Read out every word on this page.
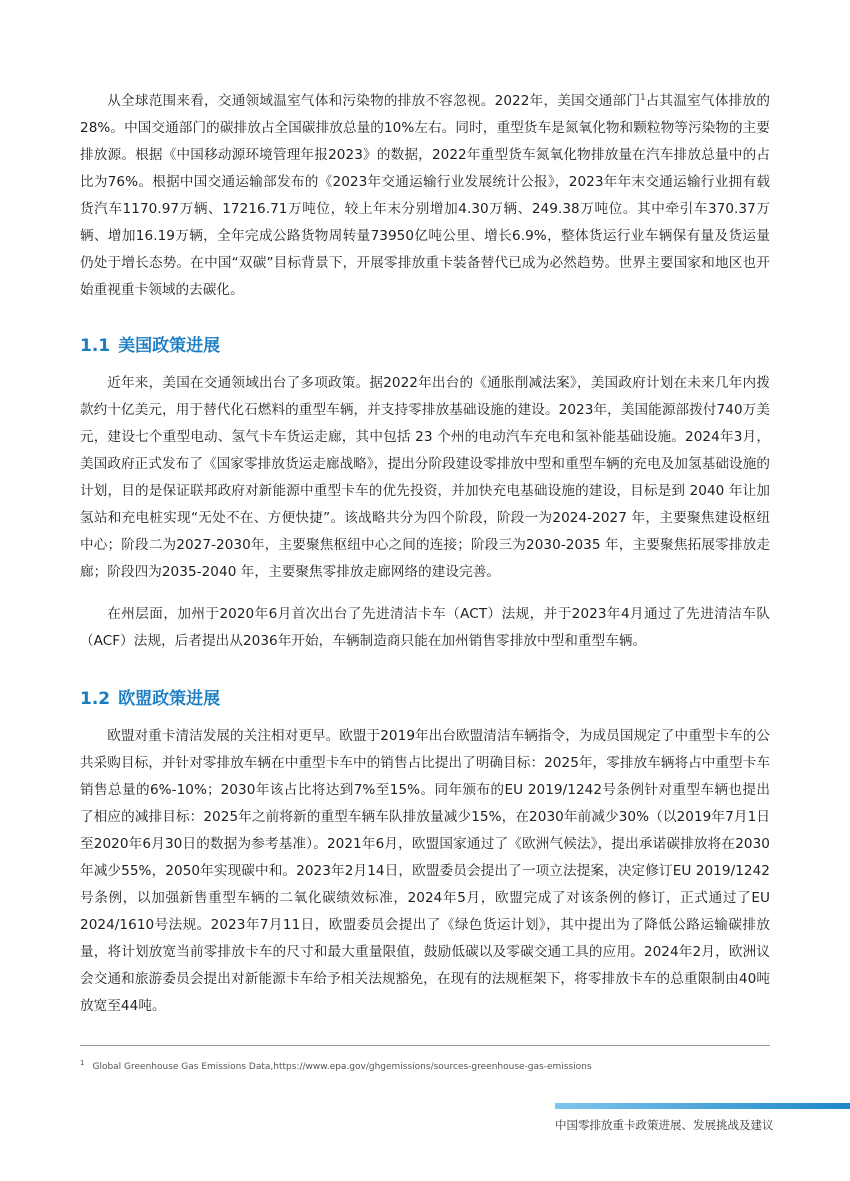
从全球范围来看，交通领域温室气体和污染物的排放不容忽视。2022年，美国交通部门$^1$占其温室气体排放的28%。中国交通部门的碳排放占全国碳排放总量的10%左右。同时，重型货车是氮氧化物和颗粒物等污染物的主要排放源。根据《中国移动源环境管理年报2023》的数据，2022年重型货车氮氧化物排放量在汽车排放总量中的占比为76%。根据中国交通运输部发布的《2023年交通运输行业发展统计公报》，2023年年末交通运输行业拥有载货汽车1170.97万辆、17216.71万吨位，较上年末分别增加4.30万辆、249.38万吨位。其中牵引车370.37万辆、增加16.19万辆，全年完成公路货物周转量73950亿吨公里、增长6.9%，整体货运行业车辆保有量及货运量仍处于增长态势。在中国“双碳”目标背景下，开展零排放重卡装备替代已成为必然趋势。世界主要国家和地区也开始重视重卡领域的去碳化。

1.1 美国政策进展

近年来，美国在交通领域出台了多项政策。据2022年出台的《通胀削减法案》，美国政府计划在未来几年内拨款约十亿美元，用于替代化石燃料的重型车辆，并支持零排放基础设施的建设。2023年，美国能源部拨付740万美元，建设七个重型电动、氢气卡车货运走廊，其中包括 23 个州的电动汽车充电和氢补能基础设施。2024年3月，美国政府正式发布了《国家零排放货运走廊战略》，提出分阶段建设零排放中型和重型车辆的充电及加氢基础设施的计划，目的是保证联邦政府对新能源中重型卡车的优先投资，并加快充电基础设施的建设，目标是到 2040 年让加氢站和充电桩实现“无处不在、方便快捷”。该战略共分为四个阶段，阶段一为2024-2027 年，主要聚焦建设枢纽中心；阶段二为2027-2030年，主要聚焦枢纽中心之间的连接；阶段三为2030-2035 年，主要聚焦拓展零排放走廊；阶段四为2035-2040 年，主要聚焦零排放走廊网络的建设完善。

在州层面，加州于2020年6月首次出台了先进清洁卡车（ACT）法规，并于2023年4月通过了先进清洁车队（ACF）法规，后者提出从2036年开始，车辆制造商只能在加州销售零排放中型和重型车辆。

1.2 欧盟政策进展

欧盟对重卡清洁发展的关注相对更早。欧盟于2019年出台欧盟清洁车辆指令，为成员国规定了中重型卡车的公共采购目标，并针对零排放车辆在中重型卡车中的销售占比提出了明确目标：2025年，零排放车辆将占中重型卡车销售总量的6%-10%；2030年该占比将达到7%至15%。同年颁布的EU 2019/1242号条例针对重型车辆也提出了相应的减排目标：2025年之前将新的重型车辆车队排放量减少15%，在2030年前减少30%（以2019年7月1日至2020年6月30日的数据为参考基准）。2021年6月，欧盟国家通过了《欧洲气候法》，提出承诺碳排放将在2030年减少55%，2050年实现碳中和。2023年2月14日，欧盟委员会提出了一项立法提案，决定修订EU 2019/1242号条例，以加强新售重型车辆的二氧化碳绩效标准，2024年5月，欧盟完成了对该条例的修订，正式通过了EU 2024/1610号法规。2023年7月11日，欧盟委员会提出了《绿色货运计划》，其中提出为了降低公路运输碳排放量，将计划放宽当前零排放卡车的尺寸和最大重量限值，鼓励低碳以及零碳交通工具的应用。2024年2月，欧洲议会交通和旅游委员会提出对新能源卡车给予相关法规豁免，在现有的法规框架下，将零排放卡车的总重限制由40吨放宽至44吨。

$^1$ Global Greenhouse Gas Emissions Data,https://www.epa.gov/ghgemissions/sources-greenhouse-gas-emissions
中国零排放重卡政策进展、发展挑战及建议
